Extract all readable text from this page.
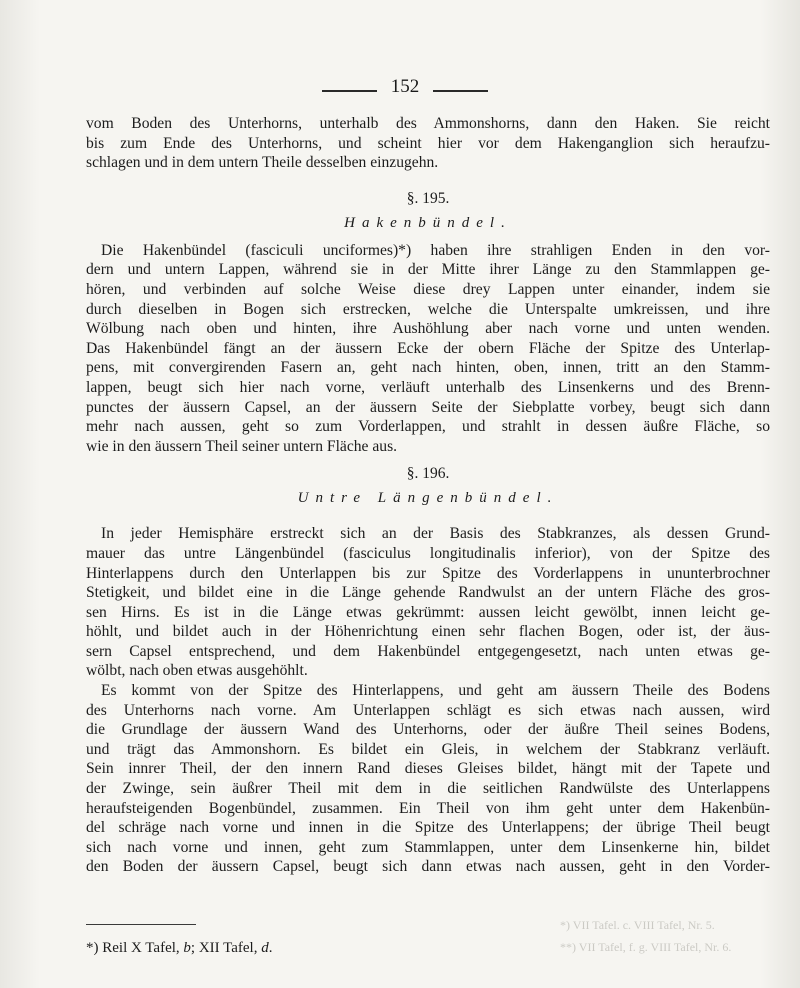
152
vom Boden des Unterhorns, unterhalb des Ammonshorns, dann den Haken. Sie reicht
bis zum Ende des Unterhorns, und scheint hier vor dem Hakenganglion sich heraufzu-
schlagen und in dem untern Theile desselben einzugehn.
§. 195.
Hakenbündel.
Die Hakenbündel (fasciculi unciformes)*) haben ihre strahligen Enden in den vor-
dern und untern Lappen, während sie in der Mitte ihrer Länge zu den Stammlappen ge-
hören, und verbinden auf solche Weise diese drey Lappen unter einander, indem sie
durch dieselben in Bogen sich erstrecken, welche die Unterspalte umkreissen, und ihre
Wölbung nach oben und hinten, ihre Aushöhlung aber nach vorne und unten wenden.
Das Hakenbündel fängt an der äussern Ecke der obern Fläche der Spitze des Unterlap-
pens, mit convergirenden Fasern an, geht nach hinten, oben, innen, tritt an den Stamm-
lappen, beugt sich hier nach vorne, verläuft unterhalb des Linsenkerns und des Brenn-
punctes der äussern Capsel, an der äussern Seite der Siebplatte vorbey, beugt sich dann
mehr nach aussen, geht so zum Vorderlappen, und strahlt in dessen äußre Fläche, so
wie in den äussern Theil seiner untern Fläche aus.
§. 196.
Untre Längenbündel.
In jeder Hemisphäre erstreckt sich an der Basis des Stabkranzes, als dessen Grund-
mauer das untre Längenbündel (fasciculus longitudinalis inferior), von der Spitze des
Hinterlappens durch den Unterlappen bis zur Spitze des Vorderlappens in ununterbrochner
Stetigkeit, und bildet eine in die Länge gehende Randwulst an der untern Fläche des gros-
sen Hirns. Es ist in die Länge etwas gekrümmt: aussen leicht gewölbt, innen leicht ge-
höhlt, und bildet auch in der Höhenrichtung einen sehr flachen Bogen, oder ist, der äus-
sern Capsel entsprechend, und dem Hakenbündel entgegengesetzt, nach unten etwas ge-
wölbt, nach oben etwas ausgehöhlt.
Es kommt von der Spitze des Hinterlappens, und geht am äussern Theile des Bodens
des Unterhorns nach vorne. Am Unterlappen schlägt es sich etwas nach aussen, wird
die Grundlage der äussern Wand des Unterhorns, oder der äußre Theil seines Bodens,
und trägt das Ammonshorn. Es bildet ein Gleis, in welchem der Stabkranz verläuft.
Sein innrer Theil, der den innern Rand dieses Gleises bildet, hängt mit der Tapete und
der Zwinge, sein äußrer Theil mit dem in die seitlichen Randwülste des Unterlappens
heraufsteigenden Bogenbündel, zusammen. Ein Theil von ihm geht unter dem Hakenbün-
del schräge nach vorne und innen in die Spitze des Unterlappens; der übrige Theil beugt
sich nach vorne und innen, geht zum Stammlappen, unter dem Linsenkerne hin, bildet
den Boden der äussern Capsel, beugt sich dann etwas nach aussen, geht in den Vorder-
*) VII Tafel. c. VIII Tafel, Nr. 5.
**) VII Tafel, f. g. VIII Tafel, Nr. 6.
*) Reil X Tafel, b; XII Tafel, d.
